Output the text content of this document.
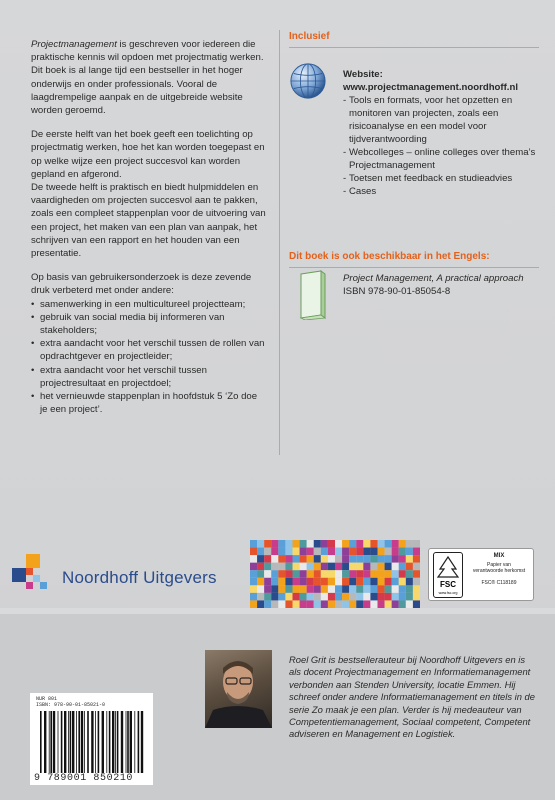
Projectmanagement is geschreven voor iedereen die praktische kennis wil opdoen met projectmatig werken. Dit boek is al lange tijd een bestseller in het hoger onderwijs en onder professionals. Vooral de laagdrempelige aanpak en de uitgebreide website worden geroemd.

De eerste helft van het boek geeft een toelichting op projectmatig werken, hoe het kan worden toegepast en op welke wijze een project succesvol kan worden gepland en afgerond.

De tweede helft is praktisch en biedt hulpmiddelen en vaardigheden om projecten succesvol aan te pakken, zoals een compleet stappenplan voor de uitvoering van een project, het maken van een plan van aanpak, het schrijven van een rapport en het houden van een presentatie.

Op basis van gebruikersonderzoek is deze zevende druk verbeterd met onder andere:

• samenwerking in een multicultureel projectteam;
• gebruik van social media bij informeren van stakeholders;
• extra aandacht voor het verschil tussen de rollen van opdrachtgever en projectleider;
• extra aandacht voor het verschil tussen projectresultaat en projectdoel;
• het vernieuwde stappenplan in hoofdstuk 5 ‘Zo doe je een project’.
Inclusief
Website:
www.projectmanagement.noordhoff.nl
- Tools en formats, voor het opzetten en monitoren van projecten, zoals een risicoanalyse en een model voor tijdverantwoording
- Webcolleges – online colleges over thema’s Projectmanagement
- Toetsen met feedback en studieadvies
- Cases
Dit boek is ook beschikbaar in het Engels:
Project Management, A practical approach
ISBN 978-90-01-85054-8
Noordhoff Uitgevers	FSC
www.fsc.org
MIX
Papier van
verantwoorde herkomst
FSC® C118189
Roel Grit is bestsellerauteur bij Noordhoff Uitgevers en is als docent Projectmanagement en Informatiemanagement verbonden aan Stenden University, locatie Emmen. Hij schreef onder andere Informatiemanagement en titels in de serie Zo maak je een plan. Verder is hij medeauteur van Competentiemanagement, Sociaal competent, Competent adviseren en Management en Logistiek.
NUR 801
ISBN: 978-90-01-85021-0
9 789001 850210
